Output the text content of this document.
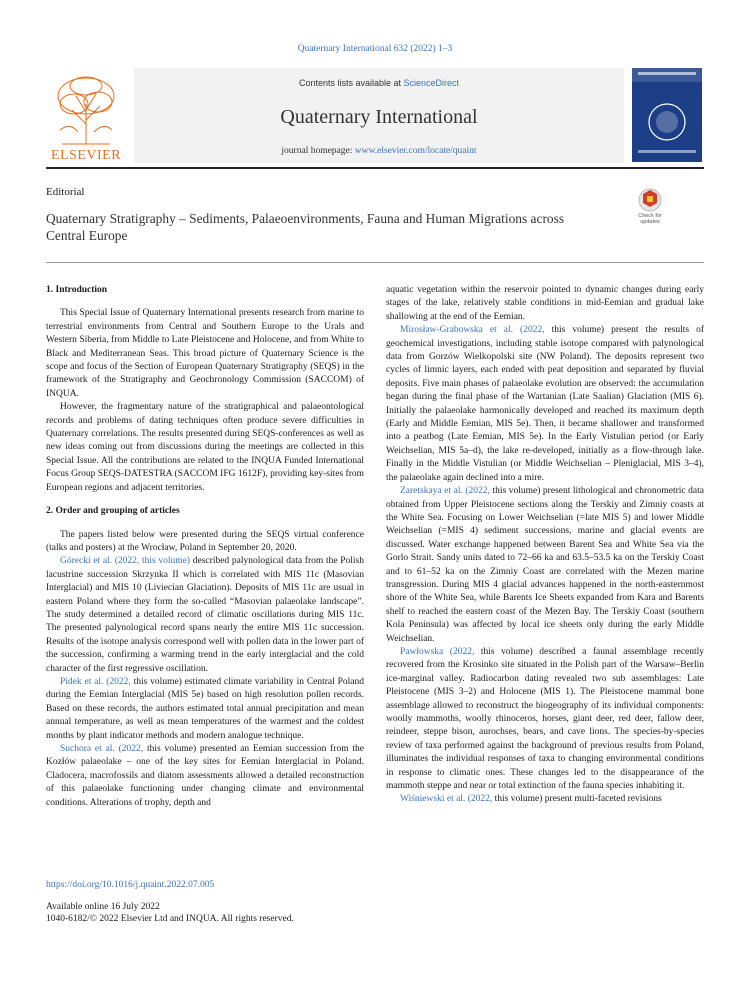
Quaternary International 632 (2022) 1–3
ELSEVIER
Contents lists available at ScienceDirect
Quaternary International
journal homepage: www.elsevier.com/locate/quaint
Editorial
Quaternary Stratigraphy – Sediments, Palaeoenvironments, Fauna and Human Migrations across Central Europe
Check for
updates
1. Introduction

This Special Issue of Quaternary International presents research from marine to terrestrial environments from Central and Southern Europe to the Urals and Western Siberia, from Middle to Late Pleistocene and Holocene, and from White to Black and Mediterranean Seas. This broad picture of Quaternary Science is the scope and focus of the Section of European Quaternary Stratigraphy (SEQS) in the framework of the Stratigraphy and Geochronology Commission (SACCOM) of INQUA.

However, the fragmentary nature of the stratigraphical and palaeontological records and problems of dating techniques often produce severe difficulties in Quaternary correlations. The results presented during SEQS-conferences as well as new ideas coming out from discussions during the meetings are collected in this Special Issue. All the contributions are related to the INQUA Funded International Focus Group SEQS-DATESTRA (SACCOM IFG 1612F), providing key-sites from European regions and adjacent territories.

2. Order and grouping of articles

The papers listed below were presented during the SEQS virtual conference (talks and posters) at the Wrocław, Poland in September 20, 2020.

Górecki et al. (2022, this volume) described palynological data from the Polish lacustrine succession Skrzynka II which is correlated with MIS 11c (Masovian Interglacial) and MIS 10 (Liviecian Glaciation). Deposits of MIS 11c are usual in eastern Poland where they form the so-called “Masovian palaeolake landscape”. The study determined a detailed record of climatic oscillations during MIS 11c. The presented palynological record spans nearly the entire MIS 11c succession. Results of the isotope analysis correspond well with pollen data in the lower part of the succession, confirming a warming trend in the early interglacial and the cold character of the first regressive oscillation.

Pidek et al. (2022, this volume) estimated climate variability in Central Poland during the Eemian Interglacial (MIS 5e) based on high resolution pollen records. Based on these records, the authors estimated total annual precipitation and mean annual temperature, as well as mean temperatures of the warmest and the coldest months by plant indicator methods and modern analogue technique.

Suchora et al. (2022, this volume) presented an Eemian succession from the Kozłów palaeolake – one of the key sites for Eemian Interglacial in Poland. Cladocera, macrofossils and diatom assessments allowed a detailed reconstruction of this palaeolake functioning under changing climate and environmental conditions. Alterations of trophy, depth and

aquatic vegetation within the reservoir pointed to dynamic changes during early stages of the lake, relatively stable conditions in mid-Eemian and gradual lake shallowing at the end of the Eemian.

Mirosław-Grabowska et al. (2022, this volume) present the results of geochemical investigations, including stable isotope compared with palynological data from Gorzów Wielkopolski site (NW Poland). The deposits represent two cycles of limnic layers, each ended with peat deposition and separated by fluvial deposits. Five main phases of palaeolake evolution are observed: the accumulation began during the final phase of the Wartanian (Late Saalian) Glaciation (MIS 6). Initially the palaeolake harmonically developed and reached its maximum depth (Early and Middle Eemian, MIS 5e). Then, it became shallower and transformed into a peatbog (Late Eemian, MIS 5e). In the Early Vistulian period (or Early Weichselian, MIS 5a–d), the lake re-developed, initially as a flow-through lake. Finally in the Middle Vistulian (or Middle Weichselian – Pleniglacial, MIS 3–4), the palaeolake again declined into a mire.

Zaretskaya et al. (2022, this volume) present lithological and chronometric data obtained from Upper Pleistocene sections along the Terskiy and Zimniy coasts at the White Sea. Focusing on Lower Weichselian (=late MIS 5) and lower Middle Weichselian (=MIS 4) sediment successions, marine and glacial events are discussed. Water exchange happened between Barent Sea and White Sea via the Gorlo Strait. Sandy units dated to 72–66 ka and 63.5–53.5 ka on the Terskiy Coast and to 61–52 ka on the Zimniy Coast are correlated with the Mezen marine transgression. During MIS 4 glacial advances happened in the north-easternmost shore of the White Sea, while Barents Ice Sheets expanded from Kara and Barents shelf to reached the eastern coast of the Mezen Bay. The Terskiy Coast (southern Kola Peninsula) was affected by local ice sheets only during the early Middle Weichselian.

Pawłowska (2022, this volume) described a faunal assemblage recently recovered from the Krosinko site situated in the Polish part of the Warsaw–Berlin ice-marginal valley. Radiocarbon dating revealed two sub assemblages: Late Pleistocene (MIS 3–2) and Holocene (MIS 1). The Pleistocene mammal bone assemblage allowed to reconstruct the biogeography of its individual components: woolly mammoths, woolly rhinoceros, horses, giant deer, red deer, fallow deer, reindeer, steppe bison, aurochses, bears, and cave lions. The species-by-species review of taxa performed against the background of previous results from Poland, illuminates the individual responses of taxa to changing environmental conditions in response to climatic ones. These changes led to the disappearance of the mammoth steppe and near or total extinction of the fauna species inhabiting it.

Wiśniewski et al. (2022, this volume) present multi-faceted revisions

https://doi.org/10.1016/j.quaint.2022.07.005
Available online 16 July 2022
1040-6182/© 2022 Elsevier Ltd and INQUA. All rights reserved.
